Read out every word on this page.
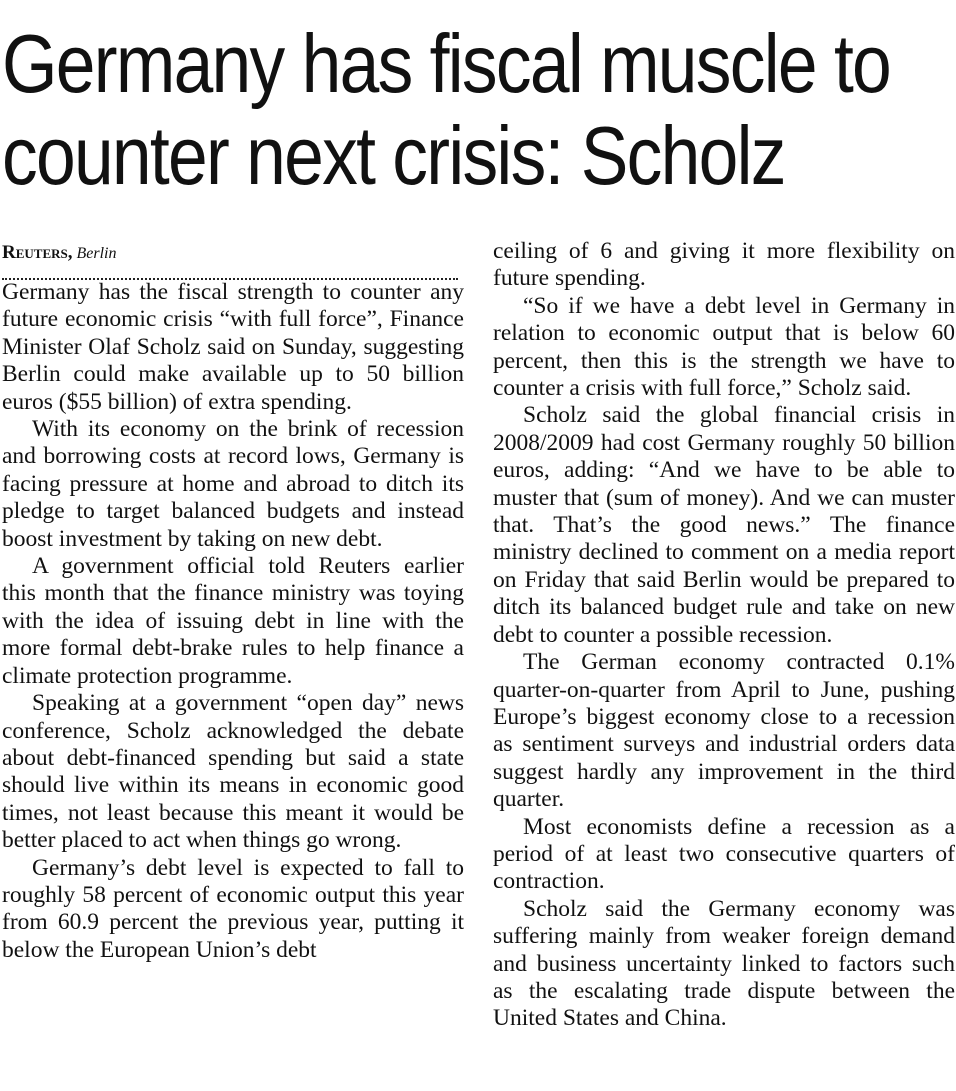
Germany has fiscal muscle to
counter next crisis: Scholz
Reuters, Berlin

Germany has the fiscal strength to counter any future economic crisis “with full force”, Finance Minister Olaf Scholz said on Sunday, suggesting Berlin could make available up to 50 billion euros ($55 billion) of extra spending.

With its economy on the brink of recession and borrowing costs at record lows, Germany is facing pressure at home and abroad to ditch its pledge to target balanced budgets and instead boost investment by taking on new debt.

A government official told Reuters earlier this month that the finance ministry was toying with the idea of issuing debt in line with the more formal debt-brake rules to help finance a climate protection programme.

Speaking at a government “open day” news conference, Scholz acknowledged the debate about debt-financed spending but said a state should live within its means in economic good times, not least because this meant it would be better placed to act when things go wrong.

Germany’s debt level is expected to fall to roughly 58 percent of economic output this year from 60.9 percent the previous year, putting it below the European Union’s debt

ceiling of 6 and giving it more flexibility on future spending.

“So if we have a debt level in Germany in relation to economic output that is below 60 percent, then this is the strength we have to counter a crisis with full force,” Scholz said.

Scholz said the global financial crisis in 2008/2009 had cost Germany roughly 50 billion euros, adding: “And we have to be able to muster that (sum of money). And we can muster that. That’s the good news.” The finance ministry declined to comment on a media report on Friday that said Berlin would be prepared to ditch its balanced budget rule and take on new debt to counter a possible recession.

The German economy contracted 0.1% quarter-on-quarter from April to June, pushing Europe’s biggest economy close to a recession as sentiment surveys and industrial orders data suggest hardly any improvement in the third quarter.

Most economists define a recession as a period of at least two consecutive quarters of contraction.

Scholz said the Germany economy was suffering mainly from weaker foreign demand and business uncertainty linked to factors such as the escalating trade dispute between the United States and China.
